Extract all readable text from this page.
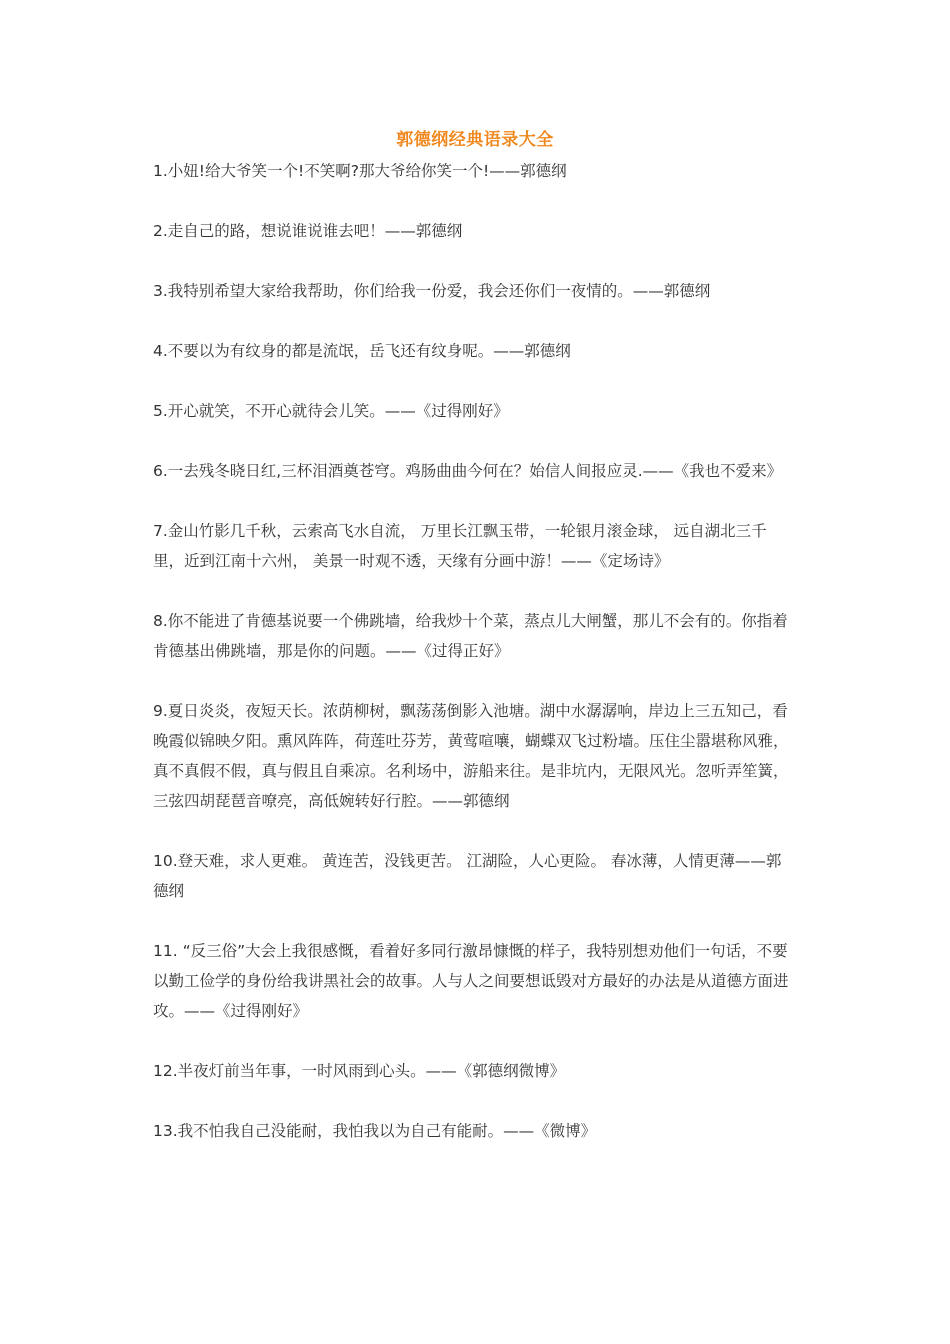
郭德纲经典语录大全

1.小妞!给大爷笑一个!不笑啊?那大爷给你笑一个!——郭德纲

2.走自己的路，想说谁说谁去吧！——郭德纲

3.我特别希望大家给我帮助，你们给我一份爱，我会还你们一夜情的。——郭德纲

4.不要以为有纹身的都是流氓，岳飞还有纹身呢。——郭德纲

5.开心就笑，不开心就待会儿笑。——《过得刚好》

6.一去残冬晓日红,三杯泪酒奠苍穹。鸡肠曲曲今何在？始信人间报应灵.——《我也不爱来》

7.金山竹影几千秋，云索高飞水自流， 万里长江飘玉带，一轮银月滚金球， 远自湖北三千里，近到江南十六州， 美景一时观不透，天缘有分画中游！——《定场诗》

8.你不能进了肯德基说要一个佛跳墙，给我炒十个菜，蒸点儿大闸蟹，那儿不会有的。你指着肯德基出佛跳墙，那是你的问题。——《过得正好》

9.夏日炎炎，夜短天长。浓荫柳树，飘荡荡倒影入池塘。湖中水潺潺响，岸边上三五知己，看晚霞似锦映夕阳。熏风阵阵，荷莲吐芬芳，黄莺喧嚷，蝴蝶双飞过粉墙。压住尘嚣堪称风雅，真不真假不假，真与假且自乘凉。名利场中，游船来往。是非坑内，无限风光。忽听弄笙簧，三弦四胡琵琶音嘹亮，高低婉转好行腔。——郭德纲

10.登天难，求人更难。 黄连苦，没钱更苦。 江湖险，人心更险。 春冰薄，人情更薄——郭德纲

11. “反三俗”大会上我很感慨，看着好多同行激昂慷慨的样子，我特别想劝他们一句话，不要以勤工俭学的身份给我讲黑社会的故事。人与人之间要想诋毁对方最好的办法是从道德方面进攻。——《过得刚好》

12.半夜灯前当年事，一时风雨到心头。——《郭德纲微博》

13.我不怕我自己没能耐，我怕我以为自己有能耐。——《微博》
